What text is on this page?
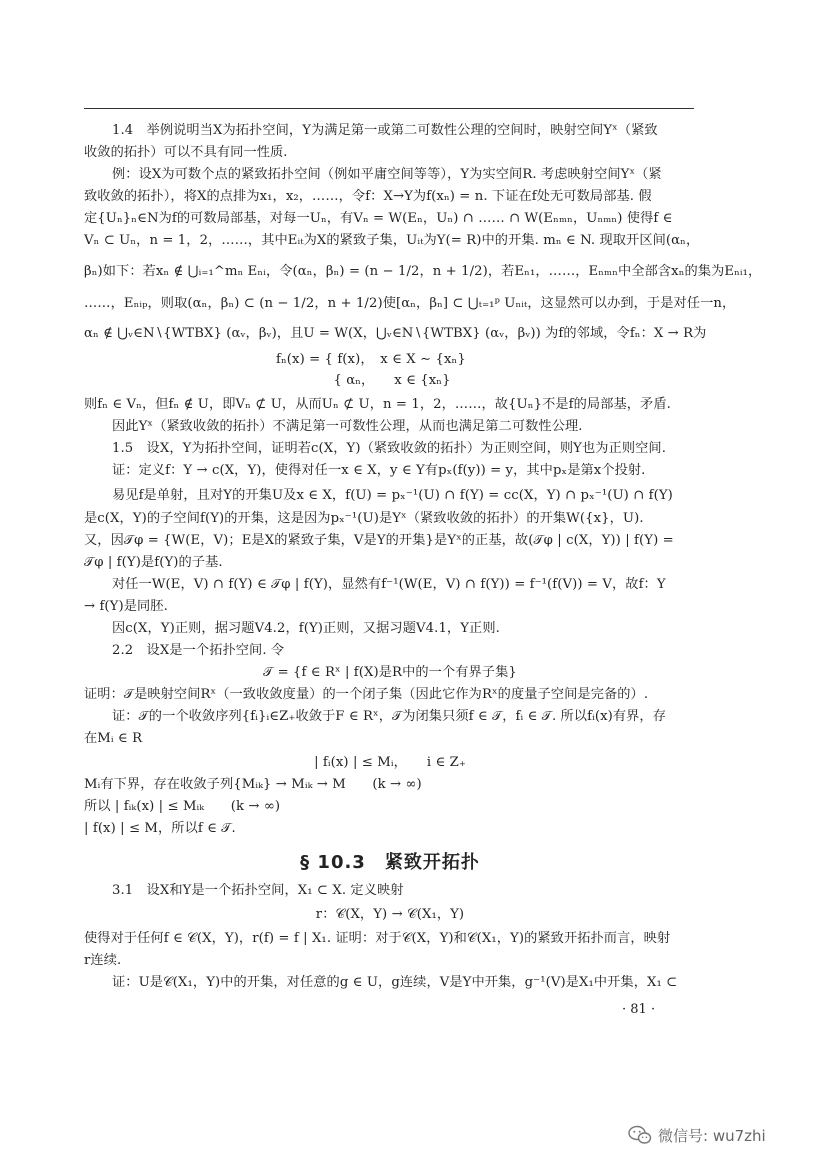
1.4　举例说明当X为拓扑空间，Y为满足第一或第二可数性公理的空间时，映射空间Yˣ（紧致
收敛的拓扑）可以不具有同一性质.
例：设X为可数个点的紧致拓扑空间（例如平庸空间等等），Y为实空间R. 考虑映射空间Yˣ（紧
致收敛的拓扑），将X的点排为x₁，x₂，……，令f：X→Y为f(xₙ) = n. 下证在f处无可数局部基. 假
定{Uₙ}ₙ∈N为f的可数局部基，对每一Uₙ，有Vₙ = W(Eₙ，Uₙ) ∩ …… ∩ W(Eₙₘₙ，Uₙₘₙ) 使得f ∈
Vₙ ⊂ Uₙ，n = 1，2，……，其中Eᵢₜ为X的紧致子集，Uᵢₜ为Y(= R)中的开集. mₙ ∈ N. 现取开区间(αₙ，
βₙ)如下：若xₙ ∉ ⋃ᵢ₌₁^mₙ Eₙᵢ，令(αₙ，βₙ) = (n − 1/2，n + 1/2)，若Eₙ₁，……，Eₙₘₙ中全部含xₙ的集为Eₙᵢ₁，
……，Eₙᵢₚ，则取(αₙ，βₙ) ⊂ (n − 1/2，n + 1/2)使[αₙ，βₙ] ⊂ ⋃ₜ₌₁ᵖ Uₙᵢₜ，这显然可以办到，于是对任一n，
αₙ ∉ ⋃ᵥ∈N∖{WTBX} (αᵥ，βᵥ)，且U = W(X，⋃ᵥ∈N∖{WTBX} (αᵥ，βᵥ)) 为f的邻域，令fₙ：X → R为
fₙ(x) = { f(x)，　x ∈ X ∼ {xₙ}
　　　　 { αₙ，　　x ∈ {xₙ}
则fₙ ∈ Vₙ，但fₙ ∉ U，即Vₙ ⊄ U，从而Uₙ ⊄ U，n = 1，2，……，故{Uₙ}不是f的局部基，矛盾.
因此Yˣ（紧致收敛的拓扑）不满足第一可数性公理，从而也满足第二可数性公理.
1.5　设X，Y为拓扑空间，证明若c(X，Y)（紧致收敛的拓扑）为正则空间，则Y也为正则空间.
证：定义f：Y → c(X，Y)，使得对任一x ∈ X，y ∈ Y有pₓ(f(y)) = y，其中pₓ是第x个投射.
易见f是单射，且对Y的开集U及x ∈ X，f(U) = pₓ⁻¹(U) ∩ f(Y) = cc(X，Y) ∩ pₓ⁻¹(U) ∩ f(Y)
是c(X，Y)的子空间f(Y)的开集，这是因为pₓ⁻¹(U)是Yˣ（紧致收敛的拓扑）的开集W({x}，U).
又，因𝒯φ = {W(E，V)；E是X的紧致子集，V是Y的开集}是Yˣ的正基，故(𝒯φ | c(X，Y)) | f(Y) =
𝒯φ | f(Y)是f(Y)的子基.
对任一W(E，V) ∩ f(Y) ∈ 𝒯φ | f(Y)，显然有f⁻¹(W(E，V) ∩ f(Y)) = f⁻¹(f(V)) = V，故f：Y
→ f(Y)是同胚.
因c(X，Y)正则，据习题V4.2，f(Y)正则，又据习题V4.1，Y正则.
2.2　设X是一个拓扑空间. 令
𝒯 = {f ∈ Rˣ | f(X)是R中的一个有界子集}
证明：𝒯是映射空间Rˣ（一致收敛度量）的一个闭子集（因此它作为Rˣ的度量子空间是完备的）.
证：𝒯的一个收敛序列{fᵢ}ᵢ∈Z₊收敛于F ∈ Rˣ，𝒯为闭集只须f ∈ 𝒯，fᵢ ∈ 𝒯. 所以fᵢ(x)有界，存
在Mᵢ ∈ R
| fᵢ(x) | ≤ Mᵢ，　　i ∈ Z₊
Mᵢ有下界，存在收敛子列{Mᵢₖ} → Mᵢₖ → M　　(k → ∞)
所以 | fᵢₖ(x) | ≤ Mᵢₖ　　(k → ∞)
| f(x) | ≤ M，所以f ∈ 𝒯.
§ 10.3　紧致开拓扑
3.1　设X和Y是一个拓扑空间，X₁ ⊂ X. 定义映射
r：𝒞(X，Y) → 𝒞(X₁，Y)
使得对于任何f ∈ 𝒞(X，Y)，r(f) = f | X₁. 证明：对于𝒞(X，Y)和𝒞(X₁，Y)的紧致开拓扑而言，映射
r连续.
证：U是𝒞(X₁，Y)中的开集，对任意的g ∈ U，g连续，V是Y中开集，g⁻¹(V)是X₁中开集，X₁ ⊂
· 81 ·
微信号: wu7zhi
